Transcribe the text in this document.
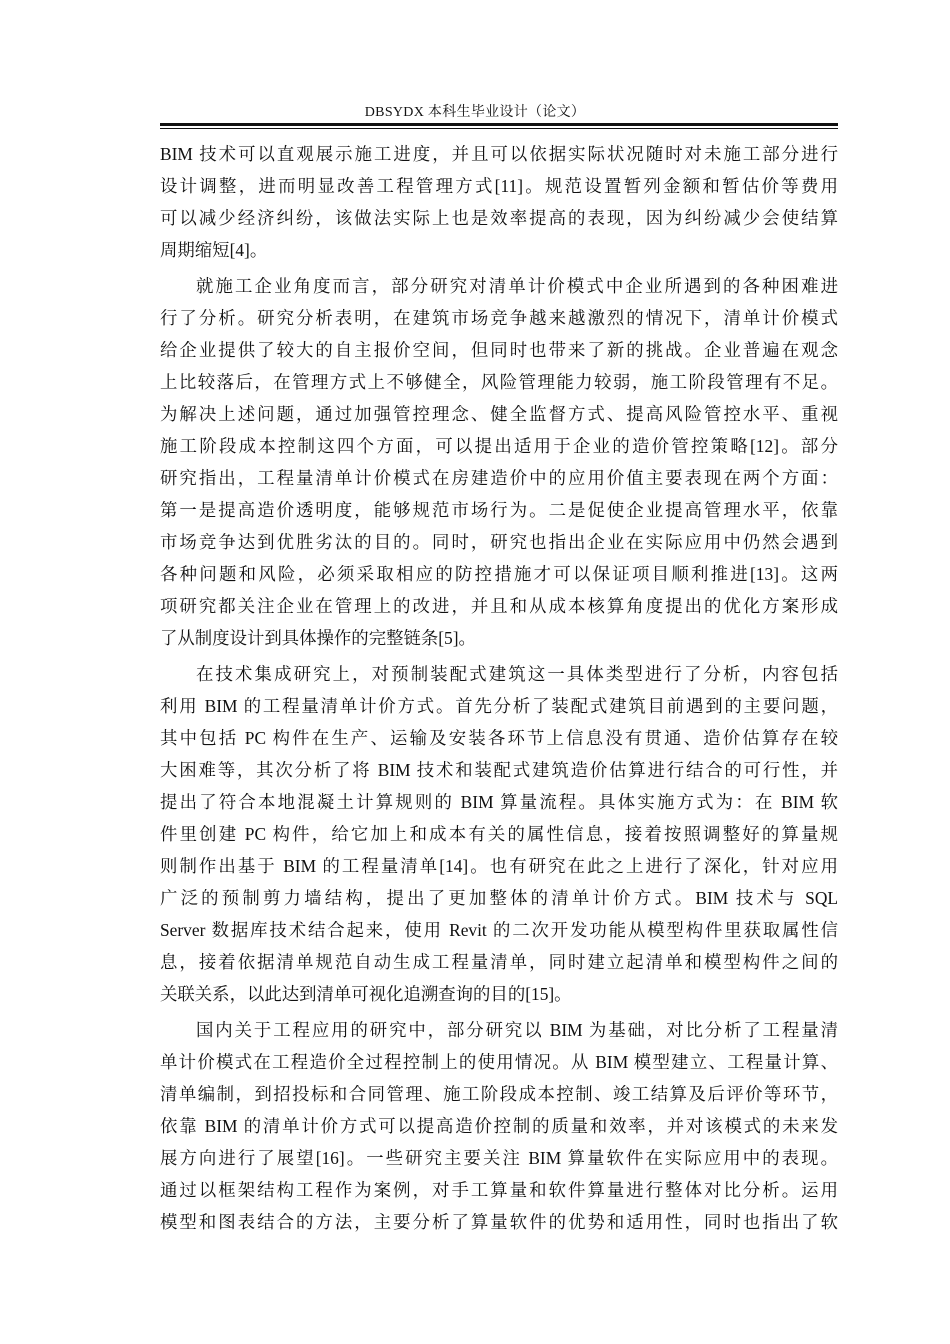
DBSYDX 本科生毕业设计（论文）
BIM 技术可以直观展示施工进度，并且可以依据实际状况随时对未施工部分进行
设计调整，进而明显改善工程管理方式[11]。规范设置暂列金额和暂估价等费用
可以减少经济纠纷，该做法实际上也是效率提高的表现，因为纠纷减少会使结算
周期缩短[4]。
就施工企业角度而言，部分研究对清单计价模式中企业所遇到的各种困难进
行了分析。研究分析表明，在建筑市场竞争越来越激烈的情况下，清单计价模式
给企业提供了较大的自主报价空间，但同时也带来了新的挑战。企业普遍在观念
上比较落后，在管理方式上不够健全，风险管理能力较弱，施工阶段管理有不足。
为解决上述问题，通过加强管控理念、健全监督方式、提高风险管控水平、重视
施工阶段成本控制这四个方面，可以提出适用于企业的造价管控策略[12]。部分
研究指出，工程量清单计价模式在房建造价中的应用价值主要表现在两个方面：
第一是提高造价透明度，能够规范市场行为。二是促使企业提高管理水平，依靠
市场竞争达到优胜劣汰的目的。同时，研究也指出企业在实际应用中仍然会遇到
各种问题和风险，必须采取相应的防控措施才可以保证项目顺利推进[13]。这两
项研究都关注企业在管理上的改进，并且和从成本核算角度提出的优化方案形成
了从制度设计到具体操作的完整链条[5]。
在技术集成研究上，对预制装配式建筑这一具体类型进行了分析，内容包括
利用 BIM 的工程量清单计价方式。首先分析了装配式建筑目前遇到的主要问题，
其中包括 PC 构件在生产、运输及安装各环节上信息没有贯通、造价估算存在较
大困难等，其次分析了将 BIM 技术和装配式建筑造价估算进行结合的可行性，并
提出了符合本地混凝土计算规则的 BIM 算量流程。具体实施方式为：在 BIM 软
件里创建 PC 构件，给它加上和成本有关的属性信息，接着按照调整好的算量规
则制作出基于 BIM 的工程量清单[14]。也有研究在此之上进行了深化，针对应用
广泛的预制剪力墙结构，提出了更加整体的清单计价方式。BIM 技术与 SQL
Server 数据库技术结合起来，使用 Revit 的二次开发功能从模型构件里获取属性信
息，接着依据清单规范自动生成工程量清单，同时建立起清单和模型构件之间的
关联关系，以此达到清单可视化追溯查询的目的[15]。
国内关于工程应用的研究中，部分研究以 BIM 为基础，对比分析了工程量清
单计价模式在工程造价全过程控制上的使用情况。从 BIM 模型建立、工程量计算、
清单编制，到招投标和合同管理、施工阶段成本控制、竣工结算及后评价等环节，
依靠 BIM 的清单计价方式可以提高造价控制的质量和效率，并对该模式的未来发
展方向进行了展望[16]。一些研究主要关注 BIM 算量软件在实际应用中的表现。
通过以框架结构工程作为案例，对手工算量和软件算量进行整体对比分析。运用
模型和图表结合的方法，主要分析了算量软件的优势和适用性，同时也指出了软
